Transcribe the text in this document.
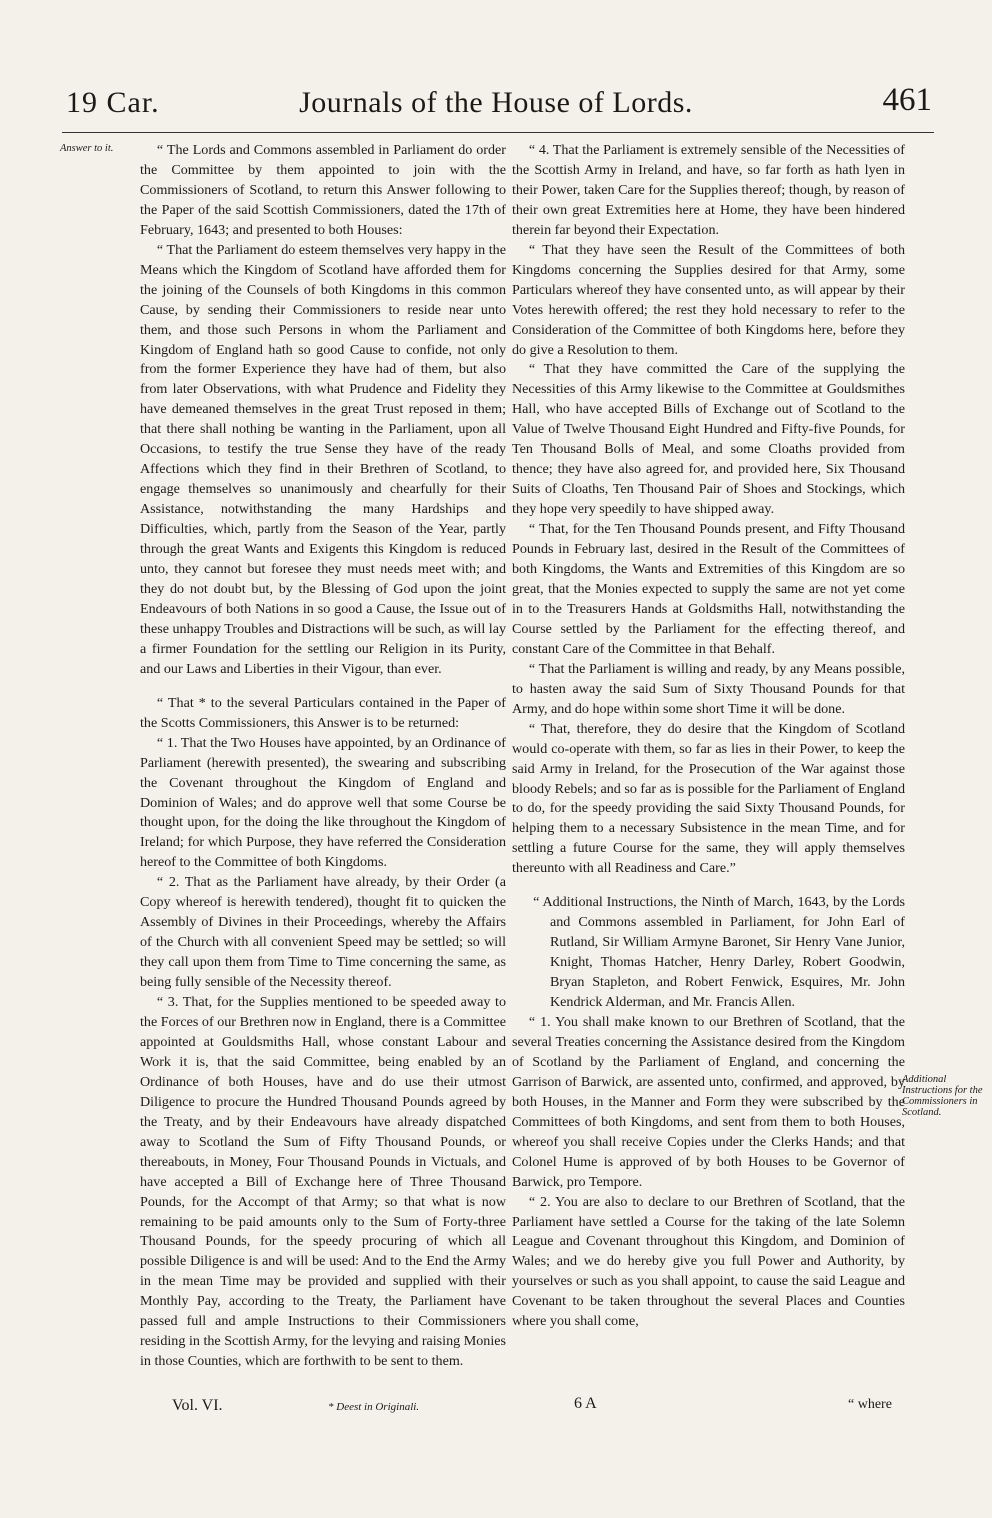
19 Car.	Journals of the House of Lords.	461
Answer to it.
Additional Instructions for the Commissioners in Scotland.

“ The Lords and Commons assembled in Parliament do order the Committee by them appointed to join with the Commissioners of Scotland, to return this Answer following to the Paper of the said Scottish Commissioners, dated the 17th of February, 1643; and presented to both Houses:

“ That the Parliament do esteem themselves very happy in the Means which the Kingdom of Scotland have afforded them for the joining of the Counsels of both Kingdoms in this common Cause, by sending their Commissioners to reside near unto them, and those such Persons in whom the Parliament and Kingdom of England hath so good Cause to confide, not only from the former Experience they have had of them, but also from later Observations, with what Prudence and Fidelity they have demeaned themselves in the great Trust reposed in them; that there shall nothing be wanting in the Parliament, upon all Occasions, to testify the true Sense they have of the ready Affections which they find in their Brethren of Scotland, to engage themselves so unanimously and chearfully for their Assistance, notwithstanding the many Hardships and Difficulties, which, partly from the Season of the Year, partly through the great Wants and Exigents this Kingdom is reduced unto, they cannot but foresee they must needs meet with; and they do not doubt but, by the Blessing of God upon the joint Endeavours of both Nations in so good a Cause, the Issue out of these unhappy Troubles and Distractions will be such, as will lay a firmer Foundation for the settling our Religion in its Purity, and our Laws and Liberties in their Vigour, than ever.

“ That * to the several Particulars contained in the Paper of the Scotts Commissioners, this Answer is to be returned:

“ 1. That the Two Houses have appointed, by an Ordinance of Parliament (herewith presented), the swearing and subscribing the Covenant throughout the Kingdom of England and Dominion of Wales; and do approve well that some Course be thought upon, for the doing the like throughout the Kingdom of Ireland; for which Purpose, they have referred the Consideration hereof to the Committee of both Kingdoms.

“ 2. That as the Parliament have already, by their Order (a Copy whereof is herewith tendered), thought fit to quicken the Assembly of Divines in their Proceedings, whereby the Affairs of the Church with all convenient Speed may be settled; so will they call upon them from Time to Time concerning the same, as being fully sensible of the Necessity thereof.

“ 3. That, for the Supplies mentioned to be speeded away to the Forces of our Brethren now in England, there is a Committee appointed at Gouldsmiths Hall, whose constant Labour and Work it is, that the said Committee, being enabled by an Ordinance of both Houses, have and do use their utmost Diligence to procure the Hundred Thousand Pounds agreed by the Treaty, and by their Endeavours have already dispatched away to Scotland the Sum of Fifty Thousand Pounds, or thereabouts, in Money, Four Thousand Pounds in Victuals, and have accepted a Bill of Exchange here of Three Thousand Pounds, for the Accompt of that Army; so that what is now remaining to be paid amounts only to the Sum of Forty-three Thousand Pounds, for the speedy procuring of which all possible Diligence is and will be used: And to the End the Army in the mean Time may be provided and supplied with their Monthly Pay, according to the Treaty, the Parliament have passed full and ample Instructions to their Commissioners residing in the Scottish Army, for the levying and raising Monies in those Counties, which are forthwith to be sent to them.

“ 4. That the Parliament is extremely sensible of the Necessities of the Scottish Army in Ireland, and have, so far forth as hath lyen in their Power, taken Care for the Supplies thereof; though, by reason of their own great Extremities here at Home, they have been hindered therein far beyond their Expectation.

“ That they have seen the Result of the Committees of both Kingdoms concerning the Supplies desired for that Army, some Particulars whereof they have consented unto, as will appear by their Votes herewith offered; the rest they hold necessary to refer to the Consideration of the Committee of both Kingdoms here, before they do give a Resolution to them.

“ That they have committed the Care of the supplying the Necessities of this Army likewise to the Committee at Gouldsmithes Hall, who have accepted Bills of Exchange out of Scotland to the Value of Twelve Thousand Eight Hundred and Fifty-five Pounds, for Ten Thousand Bolls of Meal, and some Cloaths provided from thence; they have also agreed for, and provided here, Six Thousand Suits of Cloaths, Ten Thousand Pair of Shoes and Stockings, which they hope very speedily to have shipped away.

“ That, for the Ten Thousand Pounds present, and Fifty Thousand Pounds in February last, desired in the Result of the Committees of both Kingdoms, the Wants and Extremities of this Kingdom are so great, that the Monies expected to supply the same are not yet come in to the Treasurers Hands at Goldsmiths Hall, notwithstanding the Course settled by the Parliament for the effecting thereof, and constant Care of the Committee in that Behalf.

“ That the Parliament is willing and ready, by any Means possible, to hasten away the said Sum of Sixty Thousand Pounds for that Army, and do hope within some short Time it will be done.

“ That, therefore, they do desire that the Kingdom of Scotland would co-operate with them, so far as lies in their Power, to keep the said Army in Ireland, for the Prosecution of the War against those bloody Rebels; and so far as is possible for the Parliament of England to do, for the speedy providing the said Sixty Thousand Pounds, for helping them to a necessary Subsistence in the mean Time, and for settling a future Course for the same, they will apply themselves thereunto with all Readiness and Care.”

“ Additional Instructions, the Ninth of March, 1643, by the Lords and Commons assembled in Parliament, for John Earl of Rutland, Sir William Armyne Baronet, Sir Henry Vane Junior, Knight, Thomas Hatcher, Henry Darley, Robert Goodwin, Bryan Stapleton, and Robert Fenwick, Esquires, Mr. John Kendrick Alderman, and Mr. Francis Allen.

“ 1. You shall make known to our Brethren of Scotland, that the several Treaties concerning the Assistance desired from the Kingdom of Scotland by the Parliament of England, and concerning the Garrison of Barwick, are assented unto, confirmed, and approved, by both Houses, in the Manner and Form they were subscribed by the Committees of both Kingdoms, and sent from them to both Houses, whereof you shall receive Copies under the Clerks Hands; and that Colonel Hume is approved of by both Houses to be Governor of Barwick, pro Tempore.

“ 2. You are also to declare to our Brethren of Scotland, that the Parliament have settled a Course for the taking of the late Solemn League and Covenant throughout this Kingdom, and Dominion of Wales; and we do hereby give you full Power and Authority, by yourselves or such as you shall appoint, to cause the said League and Covenant to be taken throughout the several Places and Counties where you shall come,

Vol. VI.	* Deest in Originali.	6 A	“ where
